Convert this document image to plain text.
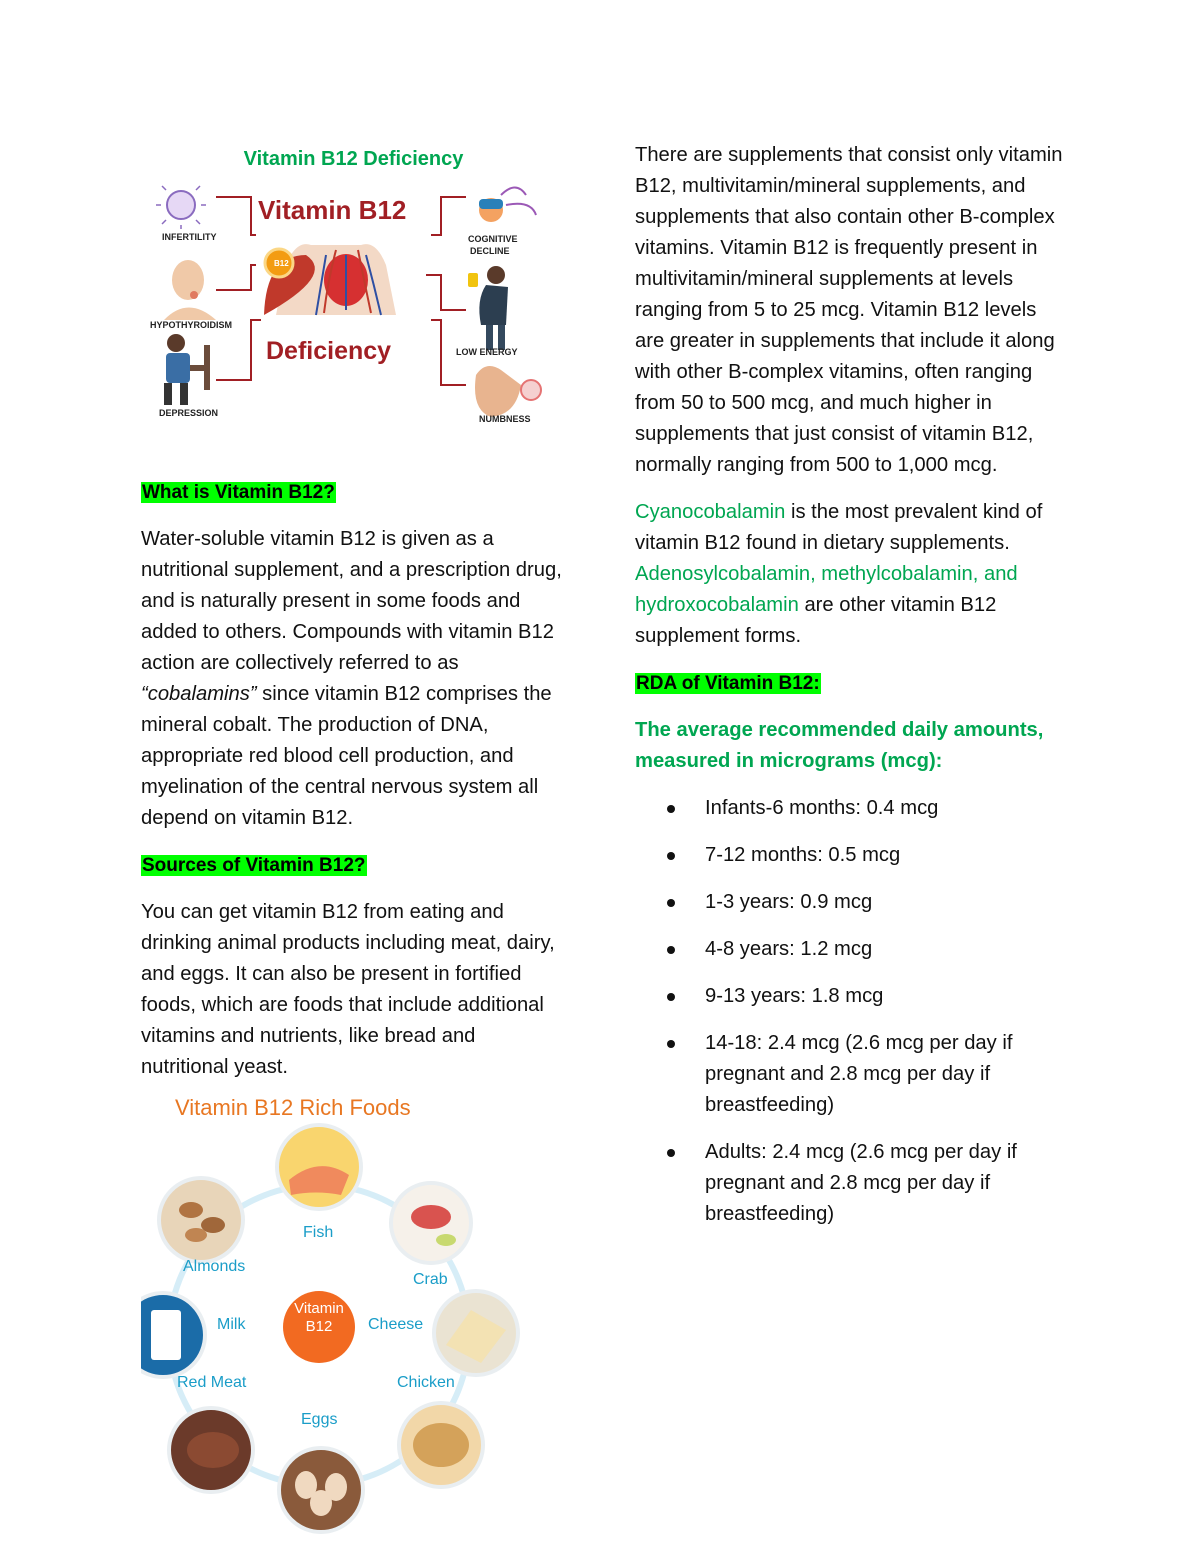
Vitamin B12 Deficiency

Vitamin B12
Deficiency
B12
INFERTILITY
HYPOTHYROIDISM
DEPRESSION
COGNITIVE
DECLINE
LOW ENERGY
NUMBNESS

What is Vitamin B12?

Water-soluble vitamin B12 is given as a nutritional supplement, and a prescription drug, and is naturally present in some foods and added to others. Compounds with vitamin B12 action are collectively referred to as “cobalamins” since vitamin B12 comprises the mineral cobalt. The production of DNA, appropriate red blood cell production, and myelination of the central nervous system all depend on vitamin B12.

Sources of Vitamin B12?

You can get vitamin B12 from eating and drinking animal products including meat, dairy, and eggs. It can also be present in fortified foods, which are foods that include additional vitamins and nutrients, like bread and nutritional yeast.

Vitamin B12 Rich Foods
Vitamin
B12
Fish
Almonds
Crab
Milk	Cheese
Red Meat	Chicken
Eggs

There are supplements that consist only vitamin B12, multivitamin/mineral supplements, and supplements that also contain other B-complex vitamins. Vitamin B12 is frequently present in multivitamin/mineral supplements at levels ranging from 5 to 25 mcg. Vitamin B12 levels are greater in supplements that include it along with other B-complex vitamins, often ranging from 50 to 500 mcg, and much higher in supplements that just consist of vitamin B12, normally ranging from 500 to 1,000 mcg.

Cyanocobalamin is the most prevalent kind of vitamin B12 found in dietary supplements. Adenosylcobalamin, methylcobalamin, and hydroxocobalamin are other vitamin B12 supplement forms.

RDA of Vitamin B12:

The average recommended daily amounts, measured in micrograms (mcg):

Infants-6 months: 0.4 mcg
7-12 months: 0.5 mcg
1-3 years: 0.9 mcg
4-8 years: 1.2 mcg
9-13 years: 1.8 mcg
14-18: 2.4 mcg (2.6 mcg per day if pregnant and 2.8 mcg per day if breastfeeding)
Adults: 2.4 mcg (2.6 mcg per day if pregnant and 2.8 mcg per day if breastfeeding)
